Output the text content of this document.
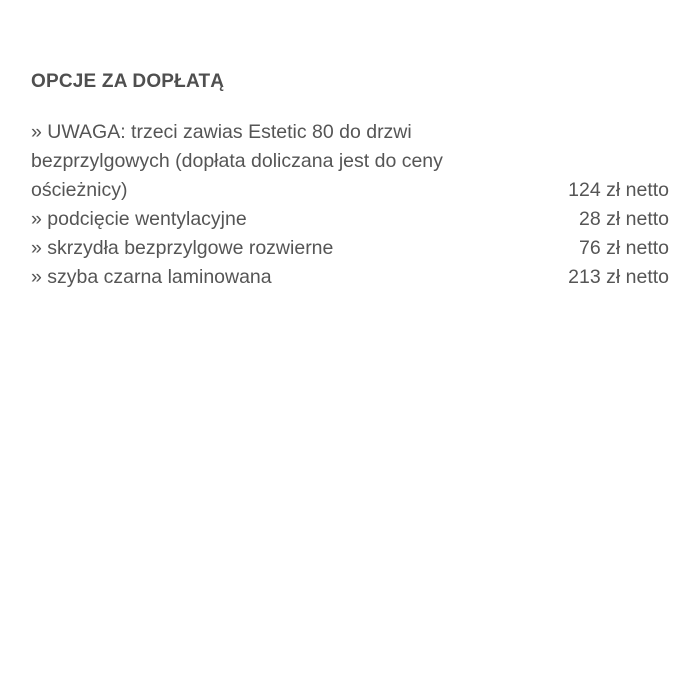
OPCJE ZA DOPŁATĄ
» UWAGA: trzeci zawias Estetic 80 do drzwi bezprzylgowych (dopłata doliczana jest do ceny ościeżnicy)	124 zł netto
» podcięcie wentylacyjne	28 zł netto
» skrzydła bezprzylgowe rozwierne	76 zł netto
» szyba czarna laminowana	213 zł netto
